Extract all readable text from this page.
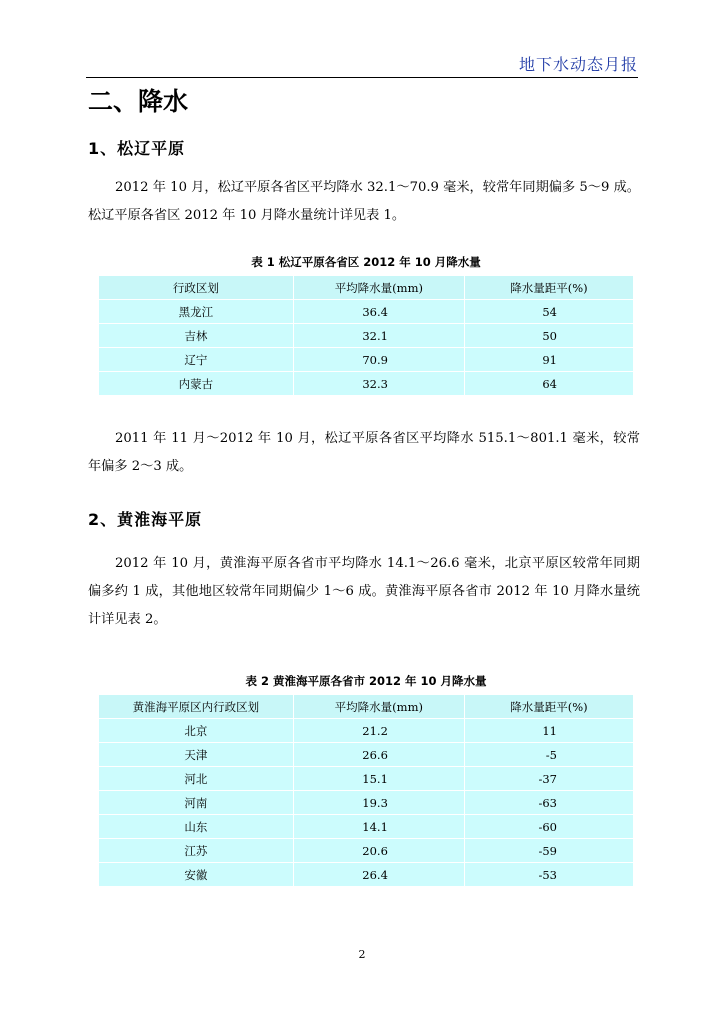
地下水动态月报
二、降水
1、松辽平原
2012 年 10 月，松辽平原各省区平均降水 32.1～70.9 毫米，较常年同期偏多 5～9 成。松辽平原各省区 2012 年 10 月降水量统计详见表 1。
表 1 松辽平原各省区 2012 年 10 月降水量
行政区划	平均降水量(mm)	降水量距平(%)
黑龙江	36.4	54
吉林	32.1	50
辽宁	70.9	91
内蒙古	32.3	64
2011 年 11 月～2012 年 10 月，松辽平原各省区平均降水 515.1～801.1 毫米，较常年偏多 2～3 成。
2、黄淮海平原
2012 年 10 月，黄淮海平原各省市平均降水 14.1～26.6 毫米，北京平原区较常年同期偏多约 1 成，其他地区较常年同期偏少 1～6 成。黄淮海平原各省市 2012 年 10 月降水量统计详见表 2。
表 2 黄淮海平原各省市 2012 年 10 月降水量
黄淮海平原区内行政区划	平均降水量(mm)	降水量距平(%)
北京	21.2	11
天津	26.6	-5
河北	15.1	-37
河南	19.3	-63
山东	14.1	-60
江苏	20.6	-59
安徽	26.4	-53
2
